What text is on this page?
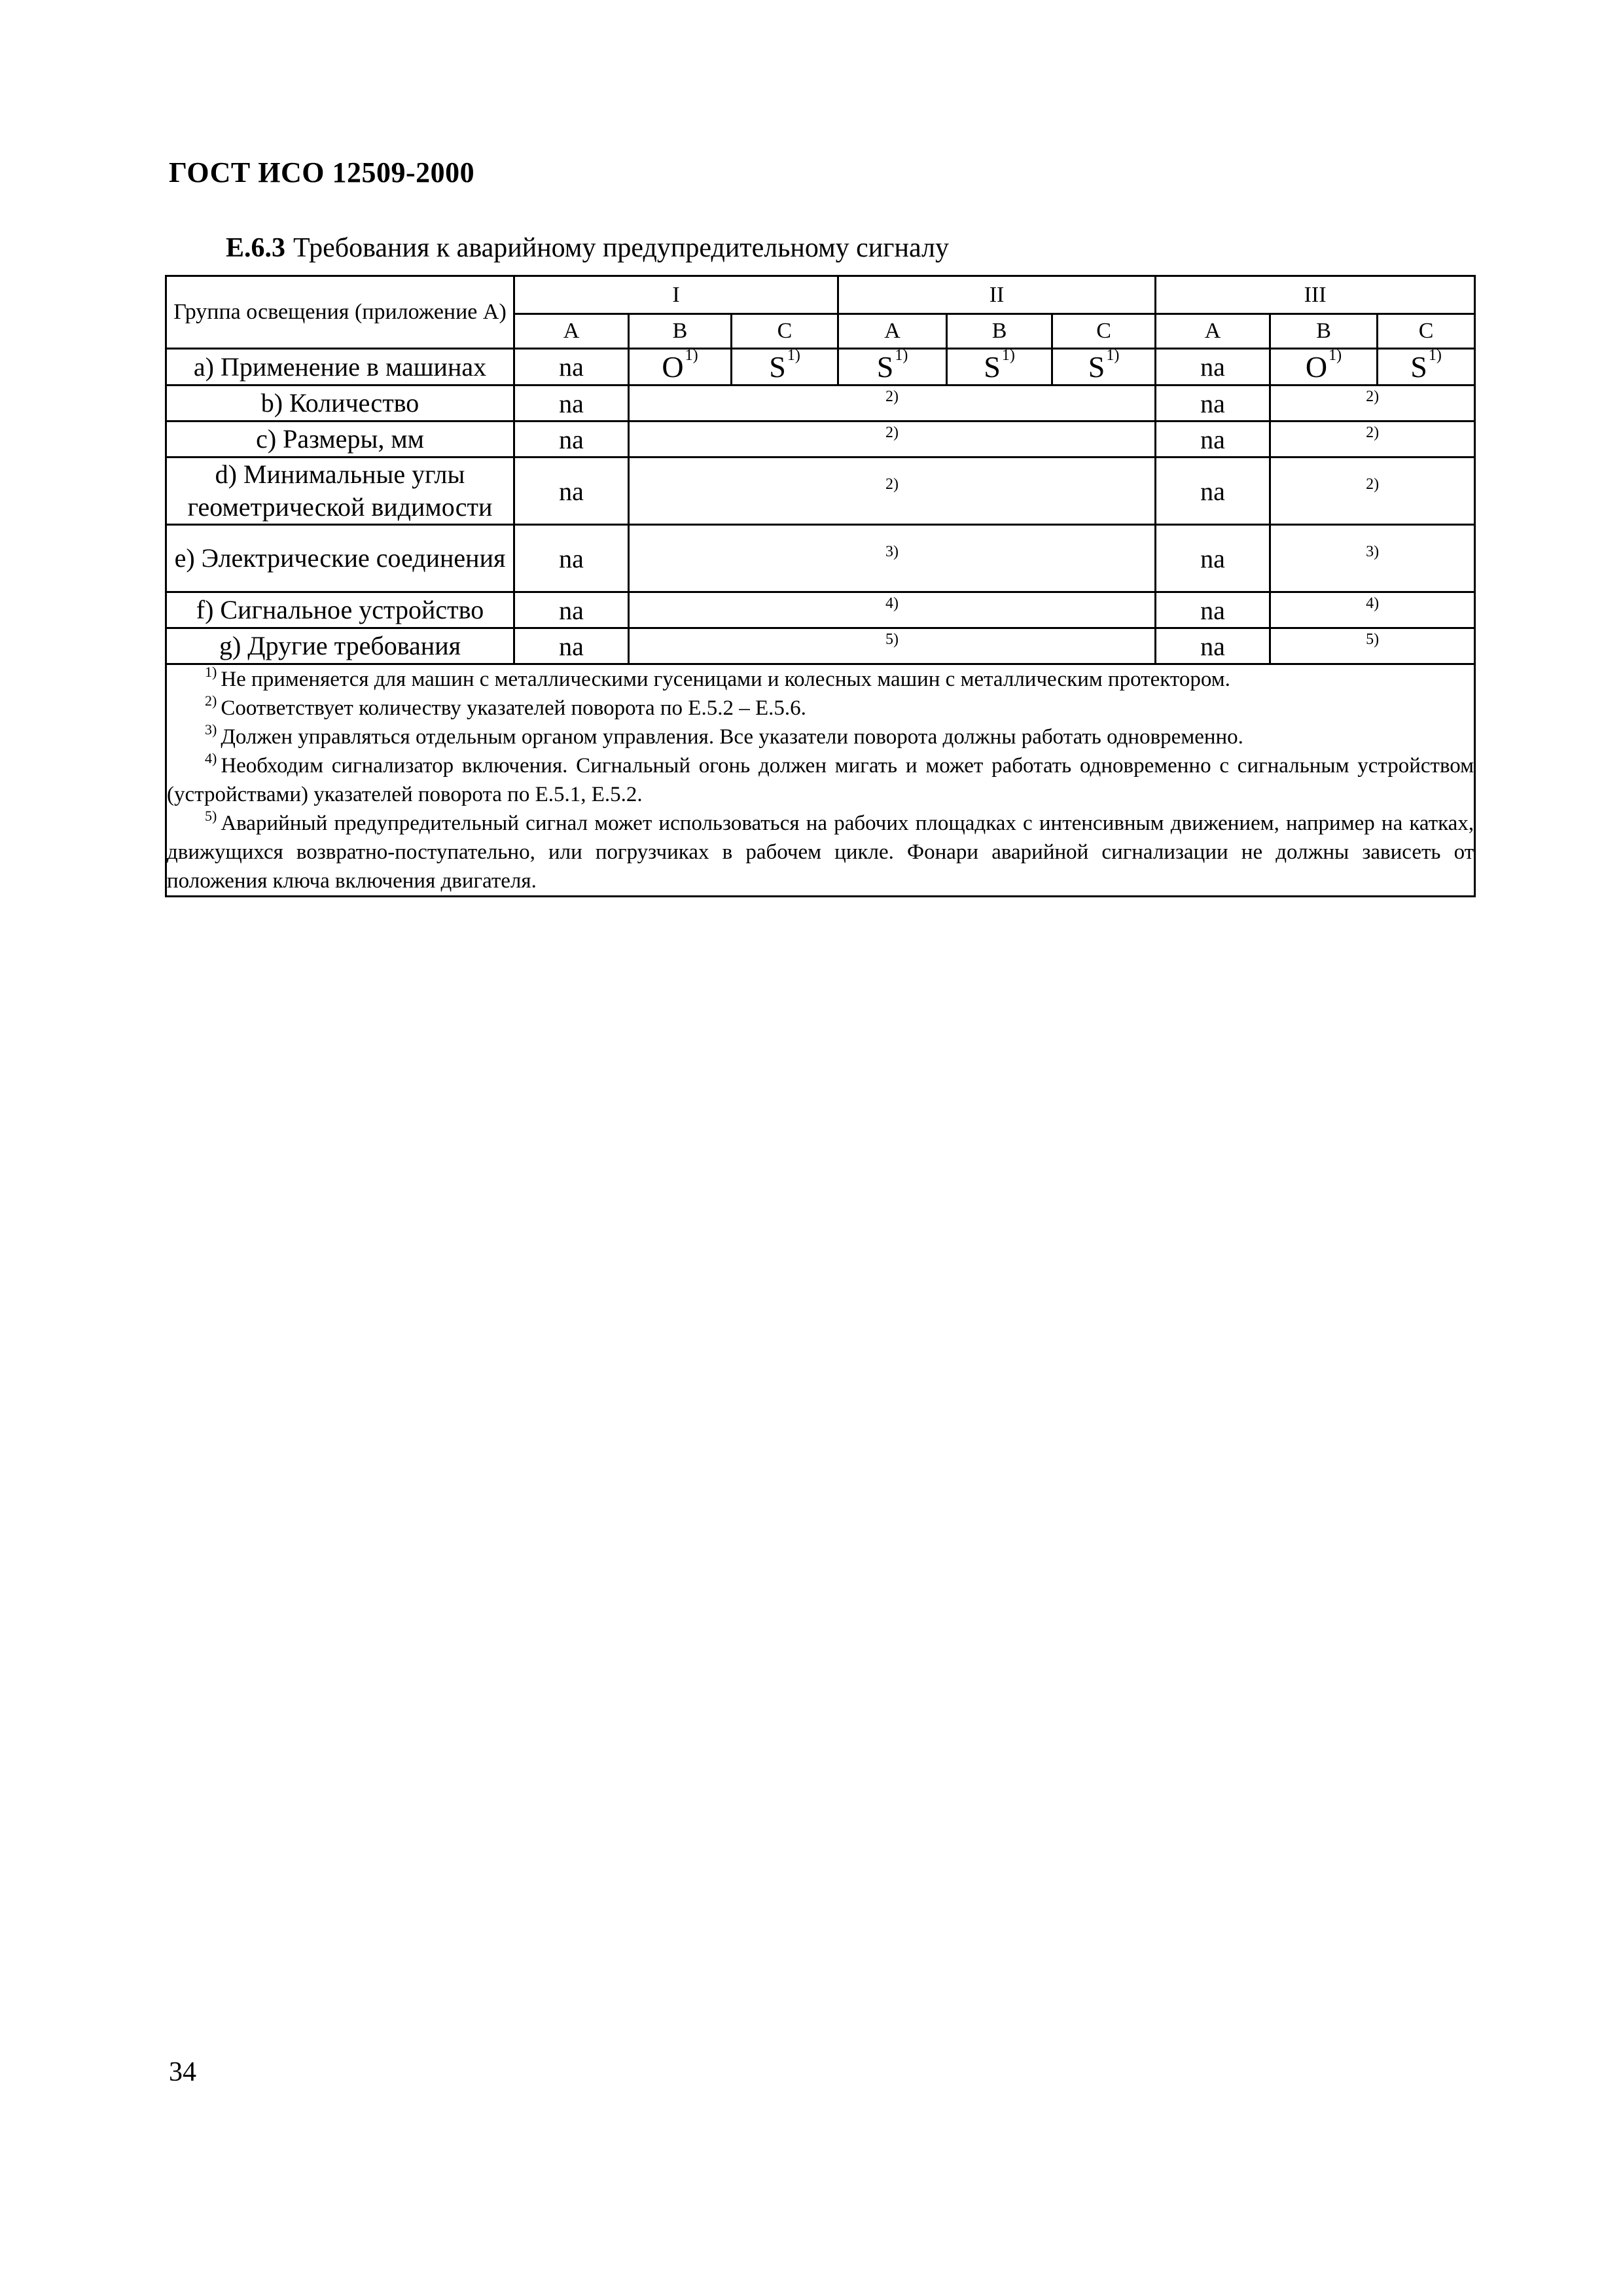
ГОСТ ИСО 12509-2000
Е.6.3 Требования к аварийному предупредительному сигналу
Группа освещения (приложение А)	I			II			III		
	A	B	C	A	B	C	A	B	C
a) Применение в машинах	na	$O^{1)}$	$S^{1)}$	$S^{1)}$	$S^{1)}$	$S^{1)}$	na	$O^{1)}$	$S^{1)}$
b) Количество	na	2)					na	2)	

c) Размеры, мм	na	2)					na	2)	

d) Минимальные углы геометрической видимости	na	2)					na	2)	

e) Электрические соединения	na	3)					na	3)	

f) Сигнальное устройство	na	4)					na	4)	

g) Другие требования	na	5)					na	5)	

$^{1)}$ Не применяется для машин с металлическими гусеницами и колесных машин с металлическим протектором.
$^{2)}$ Соответствует количеству указателей поворота по Е.5.2 – Е.5.6.
$^{3)}$ Должен управляться отдельным органом управления. Все указатели поворота должны работать одновременно.
$^{4)}$ Необходим сигнализатор включения. Сигнальный огонь должен мигать и может работать одновременно с сигнальным устройством (устройствами) указателей поворота по Е.5.1, Е.5.2.
$^{5)}$ Аварийный предупредительный сигнал может использоваться на рабочих площадках с интенсивным движением, например на катках, движущихся возвратно-поступательно, или погрузчиках в рабочем цикле. Фонари аварийной сигнализации не должны зависеть от положения ключа включения двигателя.									
34
